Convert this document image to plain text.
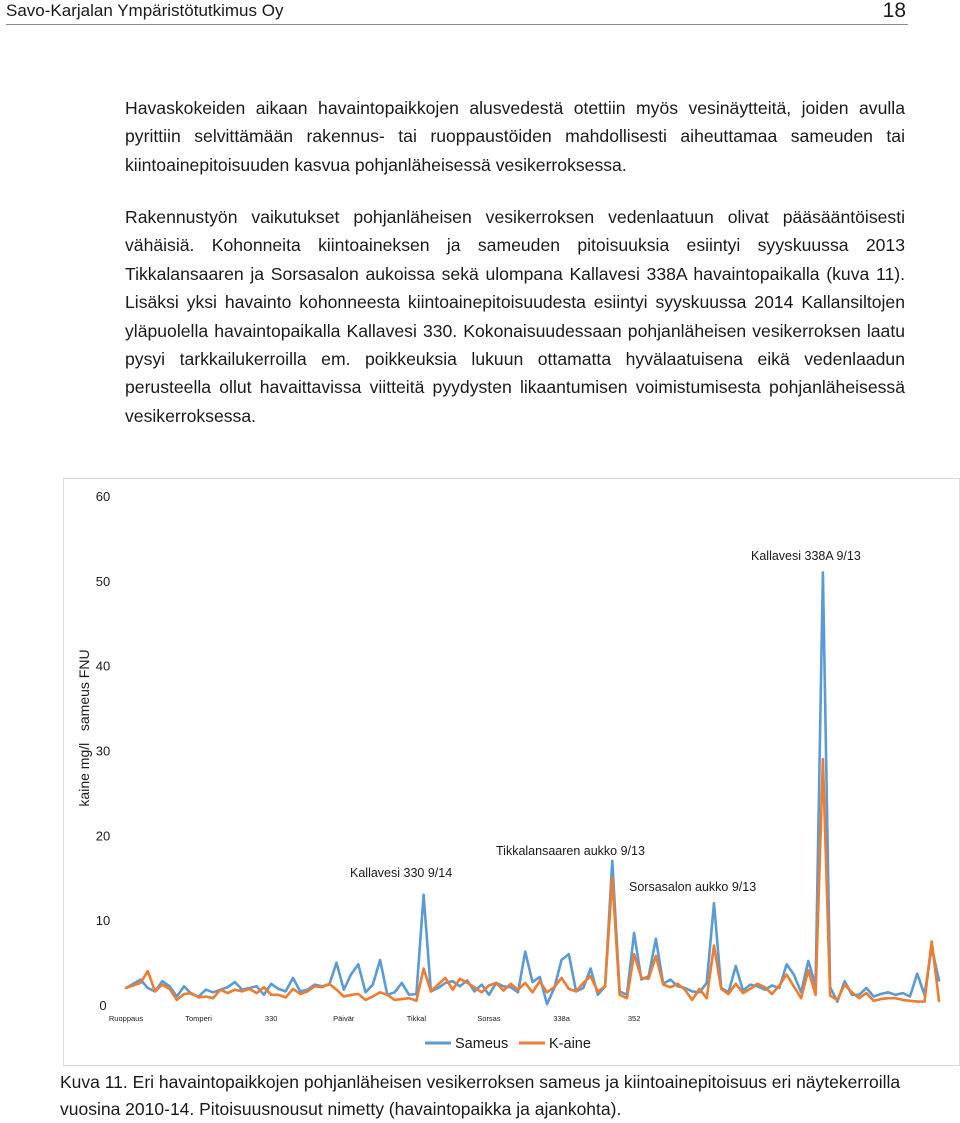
Savo-Karjalan Ympäristötutkimus Oy	18

Havaskokeiden aikaan havaintopaikkojen alusvedestä otettiin myös vesinäytteitä, joiden avulla pyrittiin selvittämään rakennus- tai ruoppaustöiden mahdollisesti aiheuttamaa sameuden tai kiintoainepitoisuuden kasvua pohjanläheisessä vesikerroksessa.

Rakennustyön vaikutukset pohjanläheisen vesikerroksen vedenlaatuun olivat pääsääntöisesti vähäisiä. Kohonneita kiintoaineksen ja sameuden pitoisuuksia esiintyi syyskuussa 2013 Tikkalansaaren ja Sorsasalon aukoissa sekä ulompana Kallavesi 338A havaintopaikalla (kuva 11). Lisäksi yksi havainto kohonneesta kiintoainepitoisuudesta esiintyi syyskuussa 2014 Kallansiltojen yläpuolella havaintopaikalla Kallavesi 330. Kokonaisuudessaan pohjanläheisen vesikerroksen laatu pysyi tarkkailukerroilla em. poikkeuksia lukuun ottamatta hyvälaatuisena eikä vedenlaadun perusteella ollut havaittavissa viitteitä pyydysten likaantumisen voimistumisesta pohjanläheisessä vesikerroksessa.

0
10
20
30
40
50
60
Ruoppaus	Tomperi	330	Päivär	Tikkal	Sorsas	338a	352
Kallavesi 330 9/14
Tikkalansaaren aukko 9/13
Kallavesi 338A 9/13
Sorsasalon aukko 9/13
Sameus	K-aine
kaine mg/l   sameus FNU

Kuva 11. Eri havaintopaikkojen pohjanläheisen vesikerroksen sameus ja kiintoainepitoisuus eri näytekerroilla vuosina 2010-14. Pitoisuusnousut nimetty (havaintopaikka ja ajankohta).
